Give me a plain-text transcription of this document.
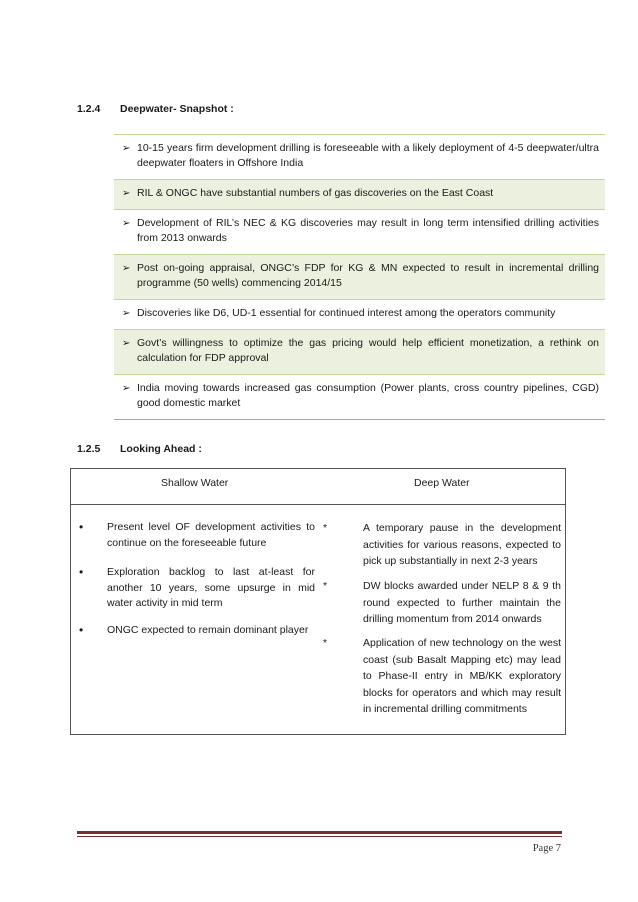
1.2.4	Deepwater- Snapshot :
➢ 10-15 years firm development drilling is foreseeable with a likely deployment of 4-5 deepwater/ultra deepwater floaters in Offshore India
➢ RIL & ONGC have substantial numbers of gas discoveries on the East Coast
➢ Development of RIL’s NEC & KG discoveries may result in long term intensified drilling activities from 2013 onwards
➢ Post on-going appraisal, ONGC’s FDP for KG & MN expected to result in incremental drilling programme (50 wells) commencing 2014/15
➢ Discoveries like D6, UD-1 essential for continued interest among the operators community
➢ Govt’s willingness to optimize the gas pricing would help efficient monetization, a rethink on calculation for FDP approval
➢ India moving towards increased gas consumption (Power plants, cross country pipelines, CGD) good domestic market
1.2.5	Looking Ahead :
Shallow Water	Deep Water
• Present level OF development activities to continue on the foreseeable future
• Exploration backlog to last at-least for another 10 years, some upsurge in mid water activity in mid term
• ONGC expected to remain dominant player
*	A temporary pause in the development activities for various reasons, expected to pick up substantially in next 2-3 years
*	DW blocks awarded under NELP 8 & 9 th round expected to further maintain the drilling momentum from 2014 onwards
*	Application of new technology on the west coast (sub Basalt Mapping etc) may lead to Phase-II entry in MB/KK exploratory blocks for operators and which may result in incremental drilling commitments
Page 7
